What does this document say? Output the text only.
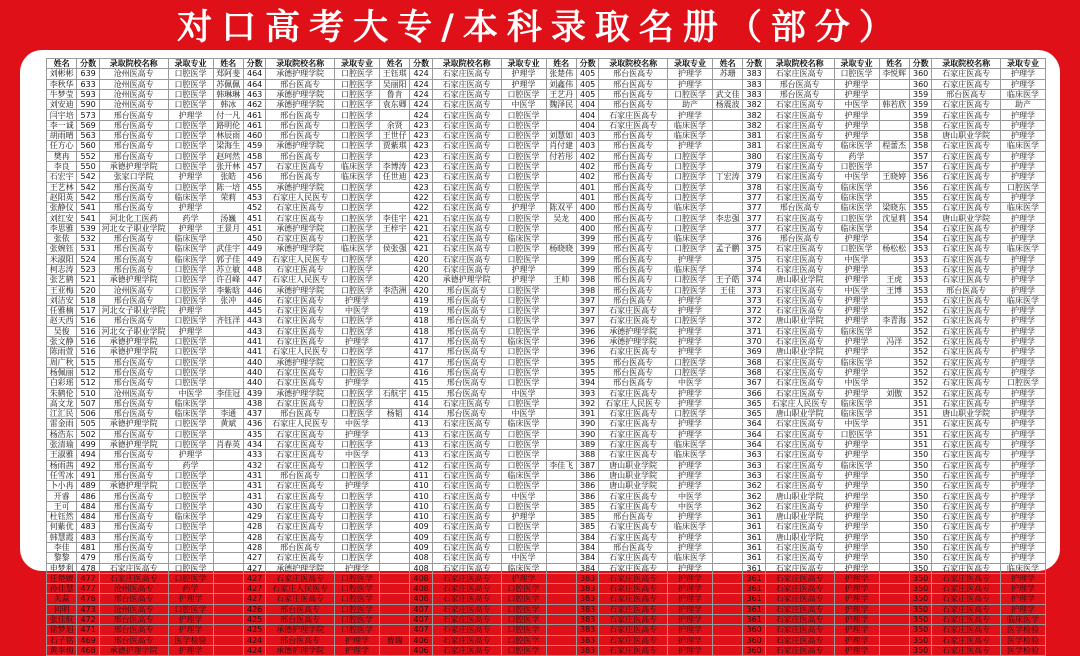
对口高考大专/本科录取名册（部分）
姓名	分数	录取院校名称	录取专业	姓名	分数	录取院校名称	录取专业	姓名	分数	录取院校名称	录取专业	姓名	分数	录取院校名称	录取专业	姓名	分数	录取院校名称	录取专业	姓名	分数	录取院校名称	录取专业
刘彬彬	639	沧州医高专	口腔医学	郑阿斐	464	承德护理学院	口腔医学	王钰琪	424	石家庄医高专	护理学	张楚伟	405	邢台医高专	护理学	苏珊	383	石家庄医高专	口腔医学	李悦辉	360	石家庄医高专	护理学
李秋华	633	沧州医高专	口腔医学	苏佩佩	464	邢台医高专	口腔医学	吴丽阳	424	石家庄医高专	护理学	刘鑫伟	405	邢台医高专	护理学		383	邢台医高专	护理学		360	石家庄医高专	护理学
牛梦莹	593	沧州医高专	口腔医学	韩琳琳	463	承德护理学院	口腔医学	鲁肯	424	石家庄医高专	口腔医学	王艺丹	405	邢台医高专	口腔医学	武文佳	383	邢台医高专	护理学		359	邢台医高专	临床医学
刘安迪	590	沧州医高专	口腔医学	韩冰	462	承德护理学院	口腔医学	袁东卿	424	石家庄医高专	中医学	魏泽民	404	邢台医高专	助产	杨震波	382	石家庄医高专	中医学	韩若欣	359	石家庄医高专	助产
闫宇培	573	邢台医高专	护理学	付一凡	461	邢台医高专	口腔医学		424	石家庄医高专	口腔医学		404	石家庄医高专	护理学		382	石家庄医高专	护理学		359	石家庄医高专	护理学
李一诚	569	邢台医高专	口腔医学	路明伦	461	邢台医高专	口腔医学	余贤	423	石家庄医高专	口腔医学		404	石家庄医高专	临床医学		382	石家庄医高专	护理学		358	石家庄医高专	护理学
胡雨晴	563	邢台医高专	口腔医学	林辰雨	460	邢台医高专	口腔医学	王世仔	423	石家庄医高专	口腔医学	刘慧如	403	邢台医高专	临床医学		381	石家庄医高专	护理学		358	唐山职业学院	护理学
任方心	560	邢台医高专	口腔医学	梁海生	459	承德护理学院	口腔医学	贾紫琪	423	石家庄医高专	口腔医学	肖付建	403	邢台医高专	护理学		381	石家庄医高专	临床医学	程蕾杰	358	石家庄医高专	临床医学
樊冉	552	邢台医高专	口腔医学	赵珂然	458	邢台医高专	口腔医学		423	石家庄医高专	口腔医学	付若彤	402	邢台医高专	口腔医学		380	石家庄医高专	药学		357	石家庄医高专	护理学
李良	550	承德护理学院	口腔医学	张开林	457	石家庄医高专	临床医学	李博涛	423	石家庄医高专	口腔医学		402	邢台医高专	口腔医学		379	石家庄医高专	口腔医学		357	石家庄医高专	护理学
石宏宇	542	张家口学院	护理学	张皓	456	邢台医高专	临床医学	任世迪	423	石家庄医高专	口腔医学		402	邢台医高专	口腔医学	丁宏涛	379	石家庄医高专	中医学	王晓婷	356	石家庄医高专	护理学
王艺林	542	邢台医高专	口腔医学	陈一培	455	承德护理学院	口腔医学		423	石家庄医高专	口腔医学		401	邢台医高专	口腔医学		378	石家庄医高专	临床医学		356	石家庄医高专	口腔医学
赵阳英	542	邢台医高专	临床医学	荣莉	453	石家庄人民医专	口腔医学		422	石家庄医高专	口腔医学		401	邢台医高专	口腔医学		377	石家庄医高专	临床医学		355	石家庄医高专	护理学
张静仪	541	邢台医高专	护理学		452	石家庄医高专	口腔医学		422	石家庄医高专	护理学	陈双平	400	邢台医高专	临床医学		377	邢台医高专	临床医学	梁晓东	355	石家庄医高专	临床医学
刘红安	541	河北化工医药	药学	汤巍	451	石家庄医高专	口腔医学	李佳宇	421	石家庄医高专	口腔医学	吴龙	400	邢台医高专	口腔医学	李忠强	377	石家庄医高专	口腔医学	沈显莉	354	唐山职业学院	护理学
李思雅	539	河北女子职业学院	护理学	王景月	451	承德护理学院	口腔医学	王梓宇	421	石家庄医高专	口腔医学		400	邢台医高专	口腔医学		377	石家庄医高专	临床医学		354	石家庄医高专	护理学
张依	532	邢台医高专	临床医学		450	石家庄医高专	口腔医学		421	石家庄医高专	临床医学		399	邢台医高专	临床医学		376	邢台医高专	护理学		354	石家庄医高专	护理学
张婉钰	531	邢台医高专	临床医学	武佳宇	449	承德护理学院	临床医学	侯张强	421	石家庄医高专	口腔医学	杨晓晓	399	邢台医高专	口腔医学	孟子鹏	375	石家庄医高专	口腔医学	杨松松	353	石家庄医高专	临床医学
米淑阳	524	邢台医高专	临床医学	郭子佳	449	石家庄人民医专	口腔医学		420	石家庄医高专	口腔医学		399	邢台医高专	护理学		375	石家庄医高专	中医学		353	石家庄医高专	护理学
柯志涛	523	邢台医高专	口腔医学	苏立敏	448	石家庄医高专	口腔医学		420	石家庄医高专	护理学		399	邢台医高专	临床医学		374	石家庄医高专	护理学		353	石家庄医高专	护理学
张艺鹤	521	承德护理学院	口腔医学	许召峰	447	石家庄人民医专	口腔医学		420	承德护理学院	护理学	王帅	398	邢台医高专	口腔医学	王子皓	374	唐山职业学院	护理学	王虎	353	石家庄医高专	护理学
王亚梅	520	沧州医高专	口腔医学	李紫晗	446	承德护理学院	口腔医学	李浩洲	420	邢台医高专	口腔医学		398	邢台医高专	口腔医学	王佳	373	石家庄医高专	中医学	王博	353	邢台医高专	护理学
刘洁安	518	邢台医高专	口腔医学	张冲	446	石家庄医高专	护理学		419	邢台医高专	口腔医学		397	邢台医高专	护理学		373	石家庄医高专	护理学		353	石家庄医高专	临床医学
任雅楠	517	河北女子职业学院	护理学		445	石家庄医高专	中医学		419	邢台医高专	口腔医学		397	石家庄医高专	护理学		372	石家庄医高专	护理学		352	石家庄医高专	护理学
赵天西	516	邢台医高专	口腔医学	齐钰洋	443	石家庄医高专	口腔医学		418	邢台医高专	口腔医学		397	石家庄医高专	口腔医学		372	唐山职业学院	护理学	李青海	352	石家庄医高专	护理学
吴俊	516	河北女子职业学院	护理学		443	石家庄医高专	口腔医学		418	邢台医高专	口腔医学		396	承德护理学院	护理学		371	石家庄医高专	临床医学		352	石家庄医高专	护理学
张文静	516	承德护理学院	口腔医学		441	石家庄医高专	护理学		417	邢台医高专	临床医学		396	承德护理学院	护理学		370	石家庄医高专	护理学	冯洋	352	石家庄医高专	护理学
陈雨萱	516	承德护理学院	口腔医学		441	石家庄人民医专	口腔医学		417	邢台医高专	口腔医学		396	石家庄医高专	护理学		369	唐山职业学院	护理学		352	石家庄医高专	护理学
周广秋	515	邢台医高专	口腔医学		440	承德护理学院	口腔医学		417	邢台医高专	口腔医学		395	邢台医高专	口腔医学		368	石家庄医高专	临床医学		352	石家庄医高专	护理学
杨佩丽	512	邢台医高专	口腔医学		440	石家庄医高专	口腔医学		416	邢台医高专	口腔医学		395	邢台医高专	口腔医学		368	石家庄医高专	护理学		352	石家庄医高专	护理学
白彩瑶	512	邢台医高专	口腔医学		440	石家庄医高专	护理学		415	邢台医高专	口腔医学		394	邢台医高专	中医学		367	石家庄医高专	中医学		352	石家庄医高专	口腔医学
朱鹤伦	510	沧州医高专	中医学	李佳冠	439	承德护理学院	口腔医学	石航宇	415	邢台医高专	中医学		393	石家庄医高专	护理学		366	石家庄医高专	护理学	刘傲	352	石家庄医高专	护理学
高文龙	507	邢台医高专	临床医学		438	石家庄医高专	口腔医学		414	石家庄医高专	口腔医学		392	石家庄人民医专	护理学		365	石家庄人民医专	临床医学		351	石家庄医高专	护理学
江汇民	506	邢台医高专	临床医学	李通	437	邢台医高专	口腔医学	杨韬	414	邢台医高专	中医学		391	石家庄医高专	口腔医学		365	唐山职业学院	临床医学		351	唐山职业学院	护理学
雷金雨	505	承德护理学院	口腔医学	黄斌	436	石家庄人民医专	中医学		413	石家庄医高专	临床医学		390	石家庄医高专	护理学		364	石家庄医高专	中医学		351	石家庄医高专	护理学
杨浩东	502	邢台医高专	口腔医学		435	石家庄医高专	护理学		413	石家庄医高专	口腔医学		390	石家庄医高专	护理学		364	石家庄医高专	口腔医学		351	石家庄医高专	护理学
张清瑜	499	承德护理学院	口腔医学	肖春英	434	石家庄医高专	口腔医学		413	石家庄医高专	口腔医学		389	石家庄医高专	临床医学		364	石家庄医高专	护理学		351	石家庄医高专	护理学
王淑雅	494	邢台医高专	护理学		433	石家庄医高专	中医学		413	石家庄医高专	口腔医学		388	石家庄医高专	临床医学		363	石家庄医高专	护理学		350	石家庄医高专	护理学
杨雨茜	492	邢台医高专	药学		432	石家庄医高专	口腔医学		412	石家庄医高专	口腔医学	李佳飞	387	唐山职业学院	护理学		363	石家庄医高专	临床医学		350	石家庄医高专	护理学
任雪冰	491	邢台医高专	口腔医学		431	邢台医高专	口腔医学		411	石家庄医高专	临床医学		386	唐山职业学院	护理学		363	石家庄医高专	护理学		350	石家庄医高专	护理学
卜小冉	489	承德护理学院	口腔医学		431	石家庄医高专	护理学		410	石家庄医高专	口腔医学		386	唐山职业学院	护理学		362	石家庄医高专	护理学		350	石家庄医高专	护理学
开睿	486	邢台医高专	口腔医学		431	石家庄医高专	口腔医学		410	石家庄医高专	中医学		386	石家庄医高专	中医学		362	唐山职业学院	护理学		350	石家庄医高专	护理学
王可	484	邢台医高专	口腔医学		430	石家庄医高专	口腔医学		410	石家庄医高专	口腔医学		385	石家庄医高专	中医学		362	石家庄医高专	护理学		350	石家庄医高专	护理学
杜钰然	484	邢台医高专	临床医学		429	石家庄医高专	口腔医学		410	石家庄医高专	护理学		385	邢台医高专	护理学		361	唐山职业学院	护理学		350	石家庄医高专	护理学
何紫优	483	邢台医高专	口腔医学		428	石家庄医高专	口腔医学		409	石家庄医高专	口腔医学		385	石家庄医高专	临床医学		361	石家庄医高专	护理学		350	石家庄医高专	护理学
韩慧霞	483	邢台医高专	口腔医学		428	石家庄医高专	口腔医学		409	石家庄医高专	口腔医学		384	石家庄医高专	护理学		361	唐山职业学院	护理学		350	石家庄医高专	护理学
李佳	481	邢台医高专	口腔医学		428	邢台医高专	口腔医学		409	石家庄医高专	口腔医学		384	邢台医高专	护理学		361	石家庄医高专	护理学		350	石家庄医高专	护理学
黎黎	479	邢台医高专	口腔医学		427	石家庄医高专	口腔医学		408	石家庄医高专	中医学		384	石家庄医高专	临床医学		361	石家庄医高专	护理学		350	石家庄医高专	护理学
申梦利	478	石家庄医高专	口腔医学		427	承德护理学院	护理学		408	石家庄医高专	临床医学		384	石家庄医高专	护理学		361	石家庄医高专	护理学		350	石家庄医高专	临床医学
任楚媛	477	石家庄医高专	口腔医学		427	石家庄医高专	口腔医学		408	石家庄医高专	护理学		383	石家庄医高专	护理学		361	石家庄医高专	护理学		350	石家庄医高专	护理学
孙佳慧	477	沧州医高专	药学		427	石家庄人民医专	口腔医学		408	石家庄医高专	口腔医学		383	石家庄医高专	护理学		361	石家庄医高专	护理学		350	石家庄医高专	护理学
关蕊	476	邢台医高专	护理学		427	石家庄医高专	口腔医学		408	石家庄医高专	口腔医学		383	石家庄医高专	护理学		361	石家庄医高专	护理学		350	石家庄医高专	护理学
何明	473	沧州医高专	口腔医学		426	邢台医高专	口腔医学		407	石家庄医高专	口腔医学		383	石家庄医高专	护理学		361	石家庄医高专	护理学		350	石家庄医高专	护理学
张佳航	472	邢台医高专	护理学		425	邢台医高专	口腔医学		407	石家庄医高专	口腔医学		383	石家庄医高专	护理学		361	石家庄医高专	护理学		350	石家庄医高专	临床医学
徐梦旭	471	邢台医高专	护理学		425	承德护理学院	口腔医学		407	石家庄医高专	口腔医学		383	石家庄医高专	护理学		360	石家庄医高专	护理学		350	石家庄医高专	医学检验
石子铭	469	邢台医高专	医学检验		424	邢台医高专	护理学	曹瑞	406	石家庄医高专	口腔医学		383	石家庄医高专	护理学		360	石家庄医高专	护理学		350	石家庄医高专	医学检验
黄李梅	468	承德护理学院	护理学		424	承德护理学院	护理学		406	石家庄医高专	口腔医学		383	石家庄医高专	护理学		360	石家庄医高专	护理学		350	石家庄医高专	医学检验
